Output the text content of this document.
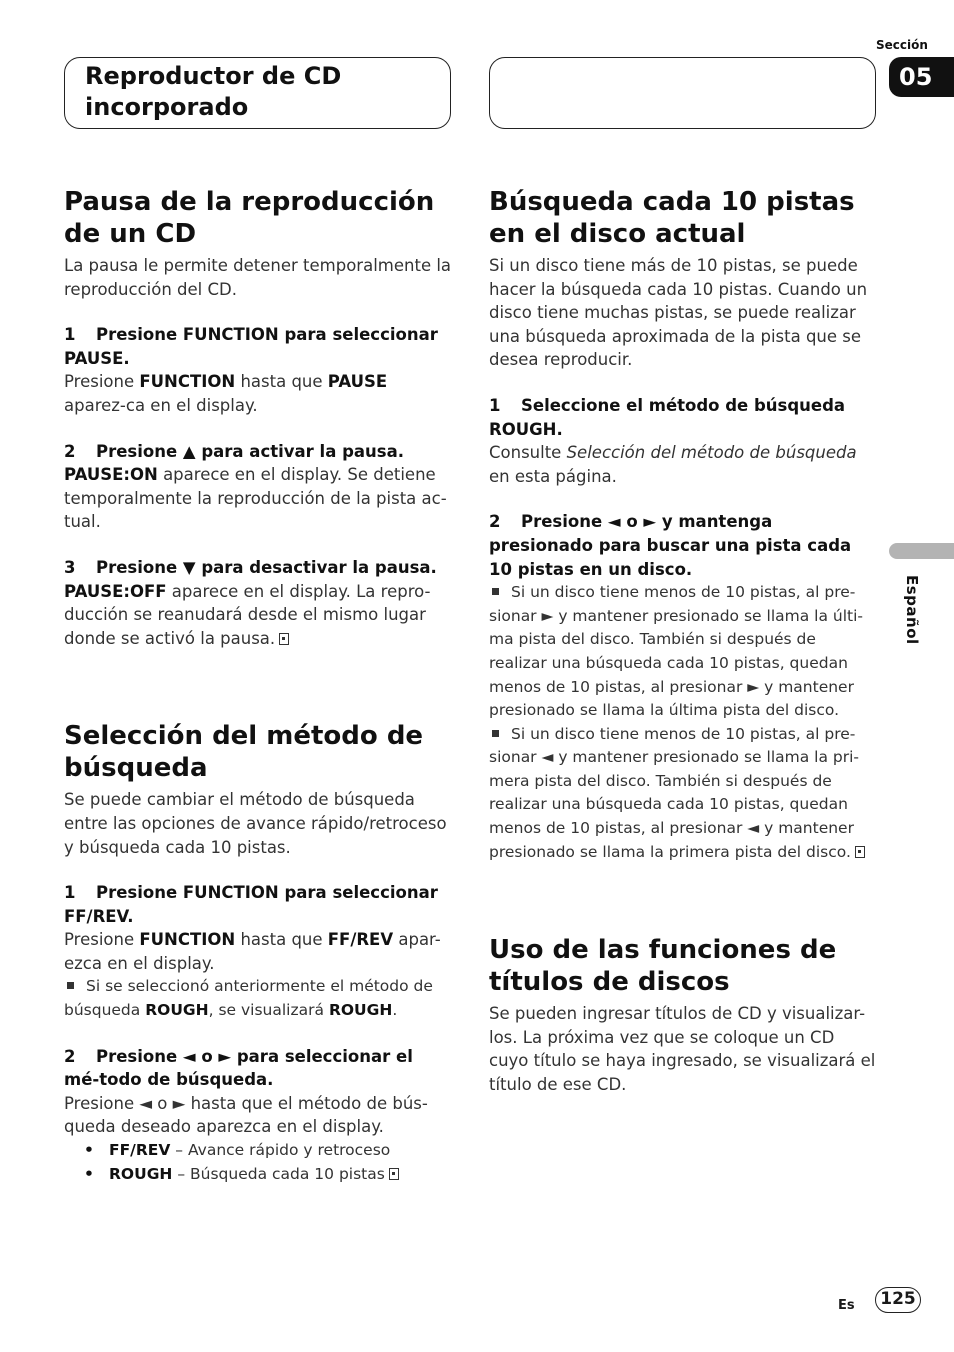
Reproductor de CD incorporado
Sección
05
Español
Pausa de la reproducción de un CD

La pausa le permite detener temporalmente la reproducción del CD.

1 Presione FUNCTION para seleccionar PAUSE.

Presione FUNCTION hasta que PAUSE aparez-ca en el display.

2 Presione ▲ para activar la pausa.

PAUSE:ON aparece en el display. Se detiene temporalmente la reproducción de la pista ac-tual.

3 Presione ▼ para desactivar la pausa.

PAUSE:OFF aparece en el display. La repro-ducción se reanudará desde el mismo lugar donde se activó la pausa.

Selección del método de búsqueda

Se puede cambiar el método de búsqueda entre las opciones de avance rápido/retroceso y búsqueda cada 10 pistas.

1 Presione FUNCTION para seleccionar FF/REV.

Presione FUNCTION hasta que FF/REV apar-ezca en el display.

Si se seleccionó anteriormente el método de búsqueda ROUGH, se visualizará ROUGH.

2 Presione ◄ o ► para seleccionar el mé-todo de búsqueda.

Presione ◄ o ► hasta que el método de bús-queda deseado aparezca en el display.

• FF/REV – Avance rápido y retroceso

• ROUGH – Búsqueda cada 10 pistas

Búsqueda cada 10 pistas en el disco actual

Si un disco tiene más de 10 pistas, se puede hacer la búsqueda cada 10 pistas. Cuando un disco tiene muchas pistas, se puede realizar una búsqueda aproximada de la pista que se desea reproducir.

1 Seleccione el método de búsqueda ROUGH.

Consulte Selección del método de búsqueda en esta página.

2 Presione ◄ o ► y mantenga presionado para buscar una pista cada 10 pistas en un disco.

Si un disco tiene menos de 10 pistas, al pre-sionar ► y mantener presionado se llama la últi-ma pista del disco. También si después de realizar una búsqueda cada 10 pistas, quedan menos de 10 pistas, al presionar ► y mantener presionado se llama la última pista del disco.

Si un disco tiene menos de 10 pistas, al pre-sionar ◄ y mantener presionado se llama la pri-mera pista del disco. También si después de realizar una búsqueda cada 10 pistas, quedan menos de 10 pistas, al presionar ◄ y mantener presionado se llama la primera pista del disco.

Uso de las funciones de títulos de discos

Se pueden ingresar títulos de CD y visualizar-los. La próxima vez que se coloque un CD cuyo título se haya ingresado, se visualizará el título de ese CD.

Es	125
